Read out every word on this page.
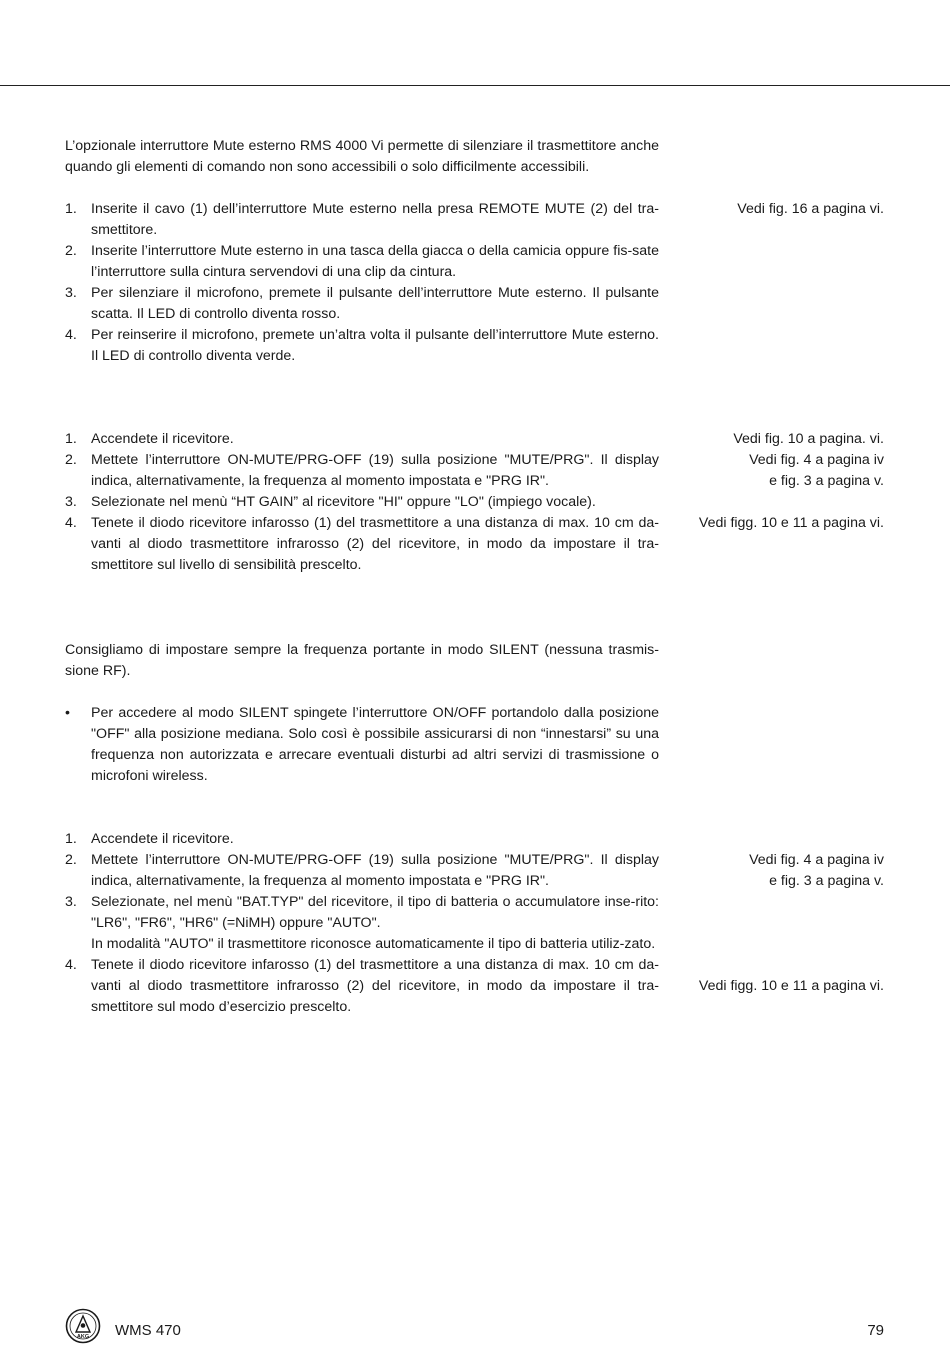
L’opzionale interruttore Mute esterno RMS 4000 Vi permette di silenziare il trasmettitore anche quando gli elementi di comando non sono accessibili o solo difficilmente accessibili.

1. Inserite il cavo (1) dell’interruttore Mute esterno nella presa REMOTE MUTE (2) del tra-smettitore.
2. Inserite l’interruttore Mute esterno in una tasca della giacca o della camicia oppure fis-sate l’interruttore sulla cintura servendovi di una clip da cintura.
3. Per silenziare il microfono, premete il pulsante dell’interruttore Mute esterno. Il pulsante scatta. Il LED di controllo diventa rosso.
4. Per reinserire il microfono, premete un’altra volta il pulsante dell’interruttore Mute esterno. Il LED di controllo diventa verde.
Vedi fig. 16 a pagina vi.
1. Accendete il ricevitore.
2. Mettete l’interruttore ON-MUTE/PRG-OFF (19) sulla posizione "MUTE/PRG". Il display indica, alternativamente, la frequenza al momento impostata e "PRG IR".
3. Selezionate nel menù “HT GAIN” al ricevitore "HI" oppure "LO" (impiego vocale).
4. Tenete il diodo ricevitore infarosso (1) del trasmettitore a una distanza di max. 10 cm da-vanti al diodo trasmettitore infrarosso (2) del ricevitore, in modo da impostare il tra-smettitore sul livello di sensibilità prescelto.
Vedi fig. 10 a pagina. vi.
Vedi fig. 4 a pagina iv
e fig. 3 a pagina v.
Vedi figg. 10 e 11 a pagina vi.

Consigliamo di impostare sempre la frequenza portante in modo SILENT (nessuna trasmis-sione RF).

• Per accedere al modo SILENT spingete l’interruttore ON/OFF portandolo dalla posizione "OFF" alla posizione mediana. Solo così è possibile assicurarsi di non “innestarsi” su una frequenza non autorizzata e arrecare eventuali disturbi ad altri servizi di trasmissione o microfoni wireless.
1. Accendete il ricevitore.
2. Mettete l’interruttore ON-MUTE/PRG-OFF (19) sulla posizione "MUTE/PRG". Il display indica, alternativamente, la frequenza al momento impostata e "PRG IR".
3. Selezionate, nel menù "BAT.TYP" del ricevitore, il tipo di batteria o accumulatore inse-rito: "LR6", "FR6", "HR6" (=NiMH) oppure "AUTO".
In modalità "AUTO" il trasmettitore riconosce automaticamente il tipo di batteria utiliz-zato.
4. Tenete il diodo ricevitore infarosso (1) del trasmettitore a una distanza di max. 10 cm da-vanti al diodo trasmettitore infrarosso (2) del ricevitore, in modo da impostare il tra-smettitore sul modo d’esercizio prescelto.
Vedi fig. 4 a pagina iv
e fig. 3 a pagina v.
Vedi figg. 10 e 11 a pagina vi.
AKG WMS 470	79
